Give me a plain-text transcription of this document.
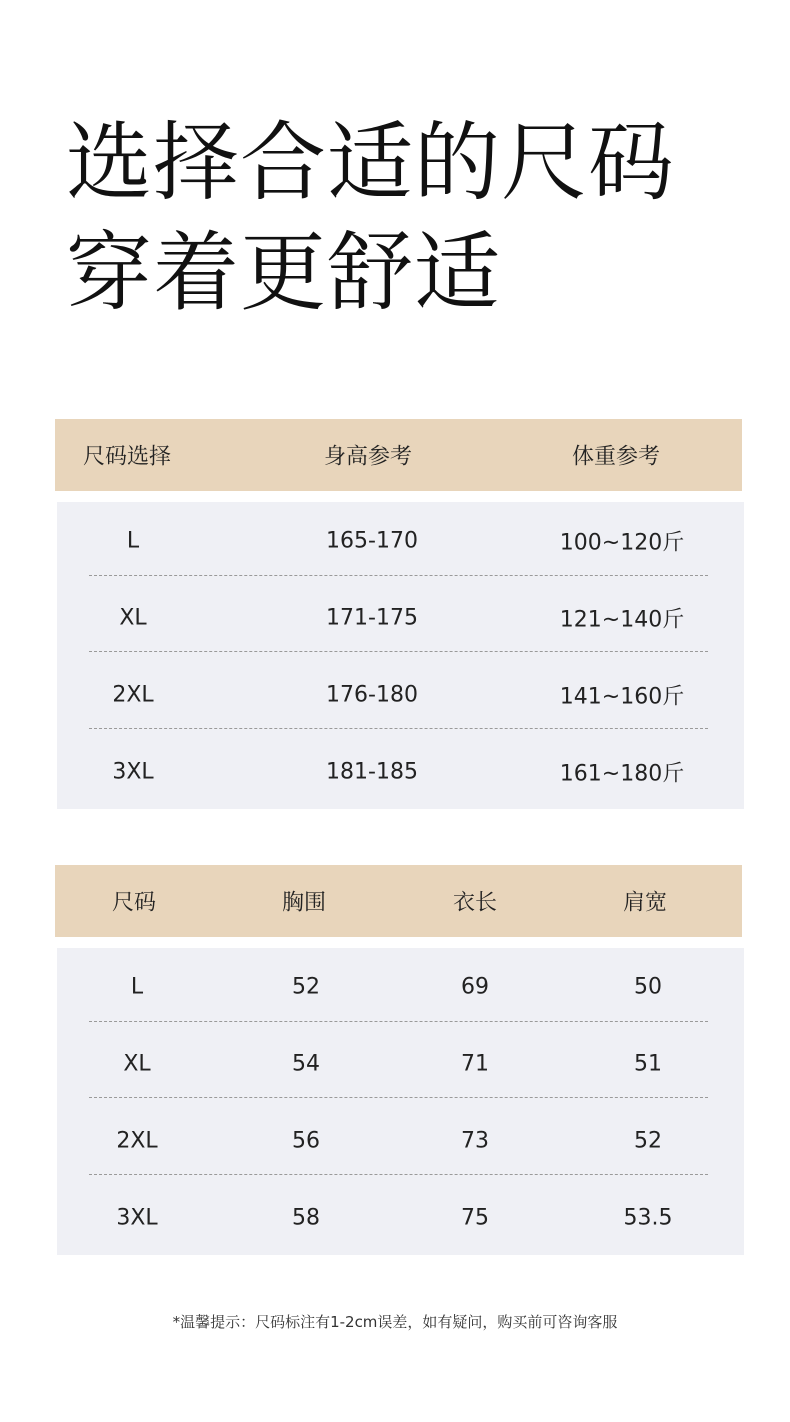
选择合适的尺码
穿着更舒适
尺码选择	身高参考	体重参考
L	165-170	100~120斤
XL	171-175	121~140斤
2XL	176-180	141~160斤
3XL	181-185	161~180斤
尺码	胸围	衣长	肩宽
L	52	69	50
XL	54	71	51
2XL	56	73	52
3XL	58	75	53.5
*温馨提示：尺码标注有1-2cm误差，如有疑问，购买前可咨询客服
